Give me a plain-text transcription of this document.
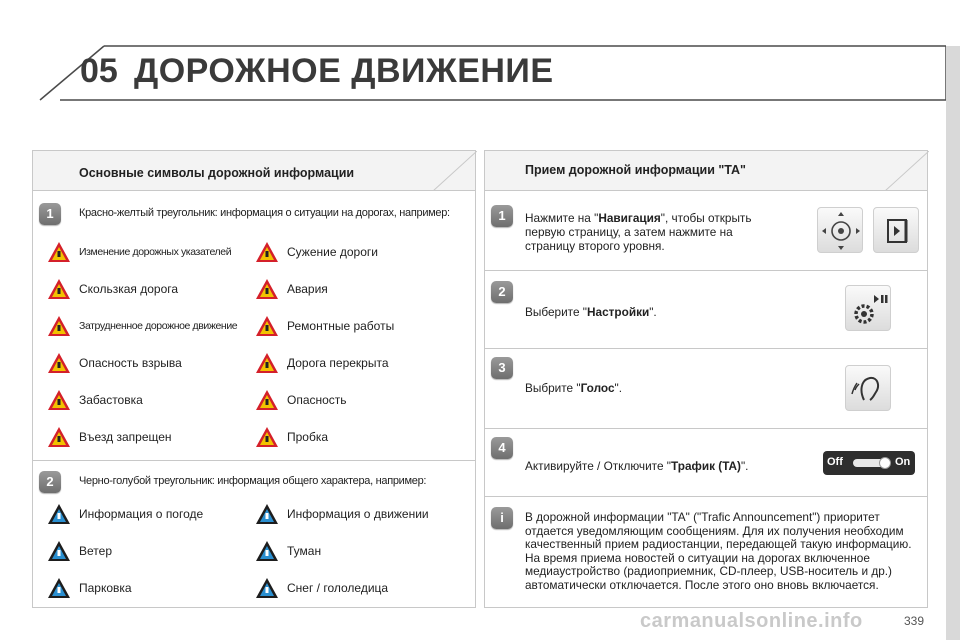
05 ДОРОЖНОЕ ДВИЖЕНИЕ
Основные символы дорожной информации
1	Красно-желтый треугольник: информация о ситуации на дорогах, например:
Изменение дорожных указателей	Сужение дороги
Скользкая дорога	Авария
Затрудненное дорожное движение	Ремонтные работы
Опасность взрыва	Дорога перекрыта
Забастовка	Опасность
Въезд запрещен	Пробка
2	Черно-голубой треугольник: информация общего характера, например:
Информация о погоде	Информация о движении
Ветер	Туман
Парковка	Снег / гололедица
Прием дорожной информации "TA"
1	Нажмите на "Навигация", чтобы открыть первую страницу, а затем нажмите на страницу второго уровня.
2
Выберите "Настройки".
3
Выбрите "Голос".
4
Активируйте / Отключите "Трафик (TA)".	Off	On
i	В дорожной информации "TA" ("Trafic Announcement") приоритет отдается уведомляющим сообщениям. Для их получения необходим качественный прием радиостанции, передающей такую информацию. На время приема новостей о ситуации на дорогах включенное медиаустройство (радиоприемник, CD-плеер, USB-носитель и др.) автоматически отключается. После этого оно вновь включается.
carmanualsonline.info	339
